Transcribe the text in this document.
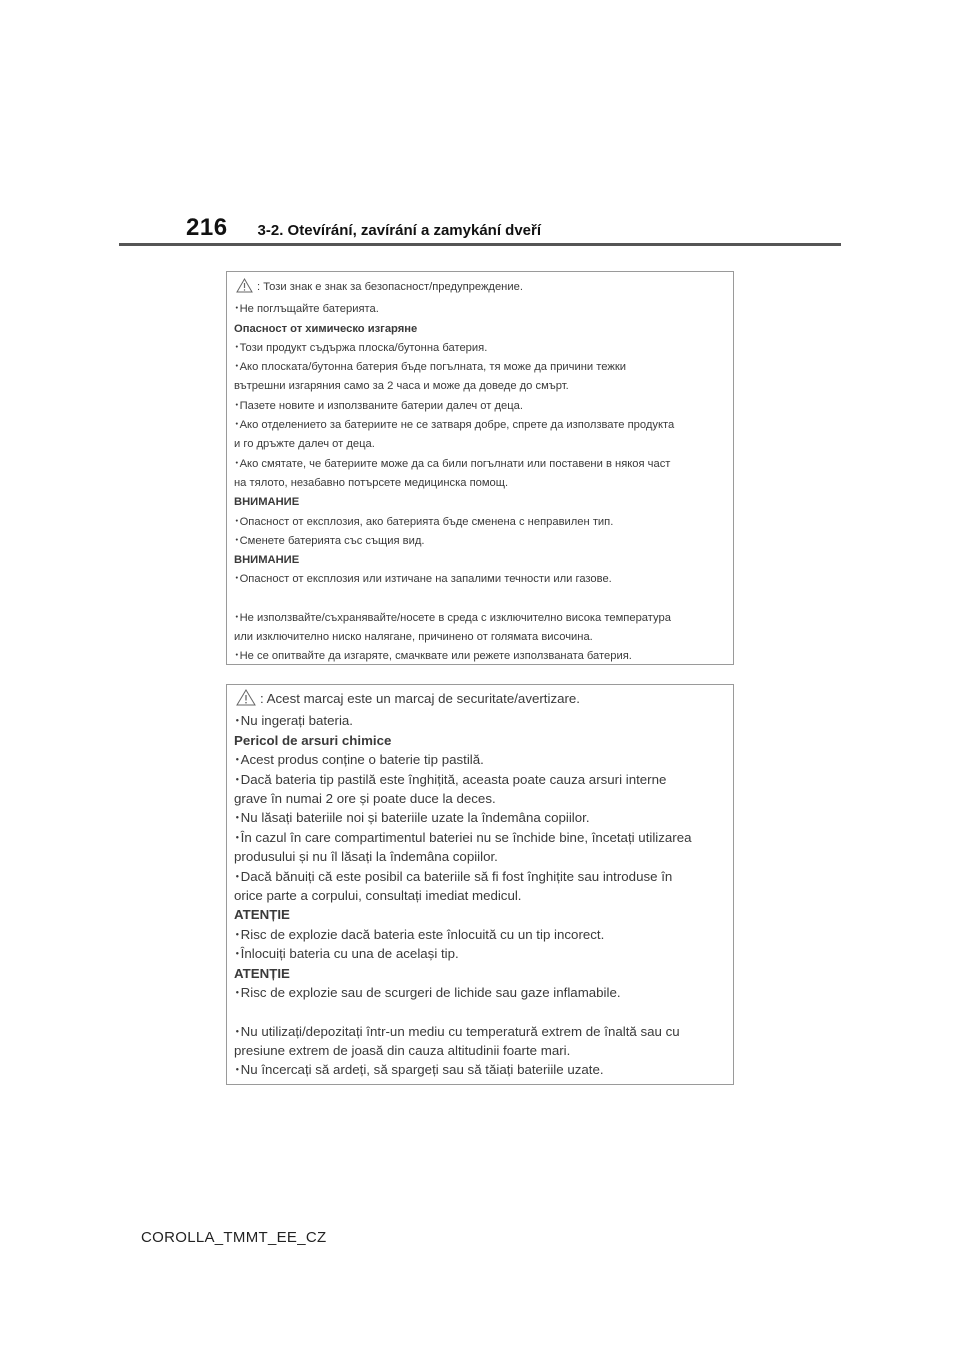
216 3-2. Otevírání, zavírání a zamykání dveří
: Този знак е знак за безопасност/предупреждение.
･Не поглъщайте батерията.
Опасност от химическо изгаряне
･Този продукт съдържа плоска/бутонна батерия.
･Ако плоската/бутонна батерия бъде погълната, тя може да причини тежки
вътрешни изгаряния само за 2 часа и може да доведе до смърт.
･Пазете новите и използваните батерии далеч от деца.
･Ако отделението за батериите не се затваря добре, спрете да използвате продукта
и го дръжте далеч от деца.
･Ако смятате, че батериите може да са били погълнати или поставени в някоя част
на тялото, незабавно потърсете медицинска помощ.
ВНИМАНИЕ
･Опасност от експлозия, ако батерията бъде сменена с неправилен тип.
･Сменете батерията със същия вид.
ВНИМАНИЕ
･Опасност от експлозия или изтичане на запалими течности или газове.
･Не използвайте/съхранявайте/носете в среда с изключително висока температура
или изключително ниско налягане, причинено от голямата височина.
･Не се опитвайте да изгаряте, смачквате или режете използваната батерия.
: Acest marcaj este un marcaj de securitate/avertizare.
･Nu ingerați bateria.
Pericol de arsuri chimice
･Acest produs conține o baterie tip pastilă.
･Dacă bateria tip pastilă este înghițită, aceasta poate cauza arsuri interne
grave în numai 2 ore și poate duce la deces.
･Nu lăsați bateriile noi și bateriile uzate la îndemâna copiilor.
･În cazul în care compartimentul bateriei nu se închide bine, încetați utilizarea
produsului și nu îl lăsați la îndemâna copiilor.
･Dacă bănuiți că este posibil ca bateriile să fi fost înghițite sau introduse în
orice parte a corpului, consultați imediat medicul.
ATENȚIE
･Risc de explozie dacă bateria este înlocuită cu un tip incorect.
･Înlocuiți bateria cu una de același tip.
ATENȚIE
･Risc de explozie sau de scurgeri de lichide sau gaze inflamabile.
･Nu utilizați/depozitați într-un mediu cu temperatură extrem de înaltă sau cu
presiune extrem de joasă din cauza altitudinii foarte mari.
･Nu încercați să ardeți, să spargeți sau să tăiați bateriile uzate.
COROLLA_TMMT_EE_CZ
